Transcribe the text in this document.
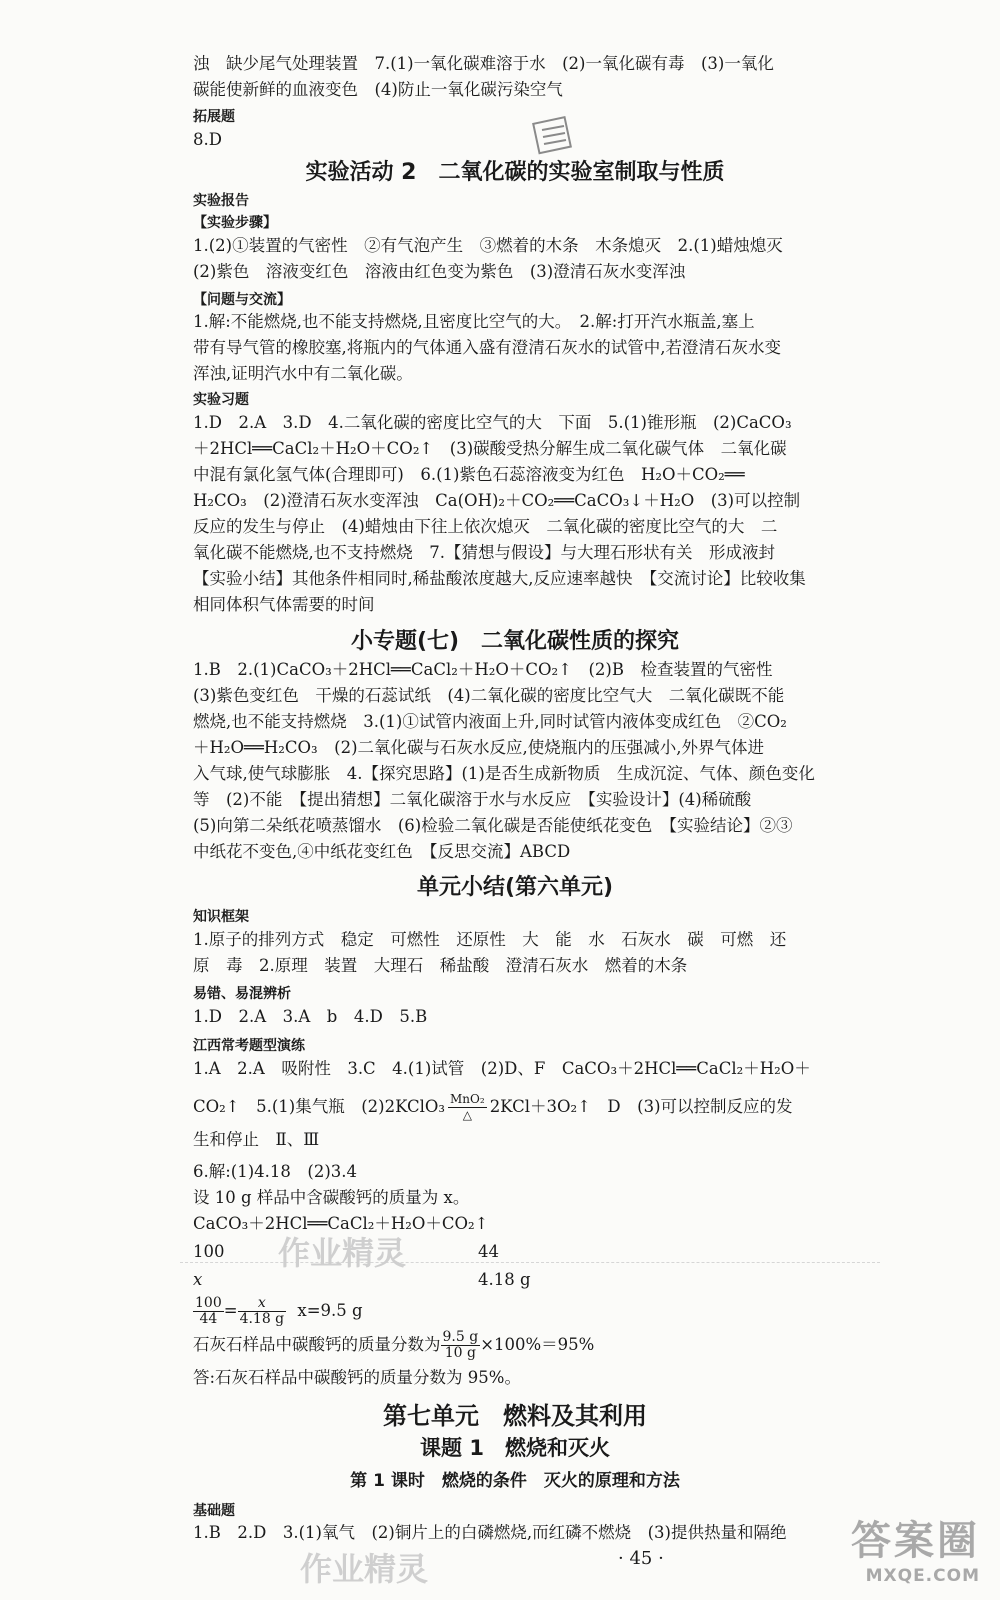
浊　缺少尾气处理装置　7.(1)一氧化碳难溶于水　(2)一氧化碳有毒　(3)一氧化
碳能使新鲜的血液变色　(4)防止一氧化碳污染空气
拓展题
8.D
实验活动 2　二氧化碳的实验室制取与性质
实验报告
【实验步骤】
1.(2)①装置的气密性　②有气泡产生　③燃着的木条　木条熄灭　2.(1)蜡烛熄灭
(2)紫色　溶液变红色　溶液由红色变为紫色　(3)澄清石灰水变浑浊
【问题与交流】
1.解:不能燃烧,也不能支持燃烧,且密度比空气的大。　2.解:打开汽水瓶盖,塞上
带有导气管的橡胶塞,将瓶内的气体通入盛有澄清石灰水的试管中,若澄清石灰水变
浑浊,证明汽水中有二氧化碳。
实验习题
1.D　2.A　3.D　4.二氧化碳的密度比空气的大　下面　5.(1)锥形瓶　(2)CaCO₃
＋2HCl══CaCl₂＋H₂O＋CO₂↑　(3)碳酸受热分解生成二氧化碳气体　二氧化碳
中混有氯化氢气体(合理即可)　6.(1)紫色石蕊溶液变为红色　H₂O＋CO₂══
H₂CO₃　(2)澄清石灰水变浑浊　Ca(OH)₂＋CO₂══CaCO₃↓＋H₂O　(3)可以控制
反应的发生与停止　(4)蜡烛由下往上依次熄灭　二氧化碳的密度比空气的大　二
氧化碳不能燃烧,也不支持燃烧　7.【猜想与假设】与大理石形状有关　形成液封
【实验小结】其他条件相同时,稀盐酸浓度越大,反应速率越快　【交流讨论】比较收集
相同体积气体需要的时间
小专题(七)　二氧化碳性质的探究
1.B　2.(1)CaCO₃＋2HCl══CaCl₂＋H₂O＋CO₂↑　(2)B　检查装置的气密性
(3)紫色变红色　干燥的石蕊试纸　(4)二氧化碳的密度比空气大　二氧化碳既不能
燃烧,也不能支持燃烧　3.(1)①试管内液面上升,同时试管内液体变成红色　②CO₂
＋H₂O══H₂CO₃　(2)二氧化碳与石灰水反应,使烧瓶内的压强减小,外界气体进
入气球,使气球膨胀　4.【探究思路】(1)是否生成新物质　生成沉淀、气体、颜色变化
等　(2)不能　【提出猜想】二氧化碳溶于水与水反应　【实验设计】(4)稀硫酸
(5)向第二朵纸花喷蒸馏水　(6)检验二氧化碳是否能使纸花变色　【实验结论】②③
中纸花不变色,④中纸花变红色　【反思交流】ABCD
单元小结(第六单元)
知识框架
1.原子的排列方式　稳定　可燃性　还原性　大　能　水　石灰水　碳　可燃　还
原　毒　2.原理　装置　大理石　稀盐酸　澄清石灰水　燃着的木条
易错、易混辨析
1.D　2.A　3.A　b　4.D　5.B
江西常考题型演练
1.A　2.A　吸附性　3.C　4.(1)试管　(2)D、F　CaCO₃＋2HCl══CaCl₂＋H₂O＋
CO₂↑　5.(1)集气瓶　(2)2KClO₃ $\frac{\text{MnO₂}}{\triangle}$ 2KCl＋3O₂↑　D　(3)可以控制反应的发
生和停止　Ⅱ、Ⅲ
6.解:(1)4.18　(2)3.4
设 10 g 样品中含碳酸钙的质量为 x。
CaCO₃＋2HCl══CaCl₂＋H₂O＋CO₂↑
100	44
x	4.18 g
$\frac{100}{44} = \frac{x}{4.18 g} x=9.5$ g
石灰石样品中碳酸钙的质量分数为 $\frac{9.5 g}{10 g} \times 100\%=95\%$
答:石灰石样品中碳酸钙的质量分数为 95%。
第七单元　燃料及其利用
课题 1　燃烧和灭火
第 1 课时　燃烧的条件　灭火的原理和方法
基础题
1.B　2.D　3.(1)氧气　(2)铜片上的白磷燃烧,而红磷不燃烧　(3)提供热量和隔绝
· 45 ·
作业精灵
作业精灵
答案圈
MXQE.COM
